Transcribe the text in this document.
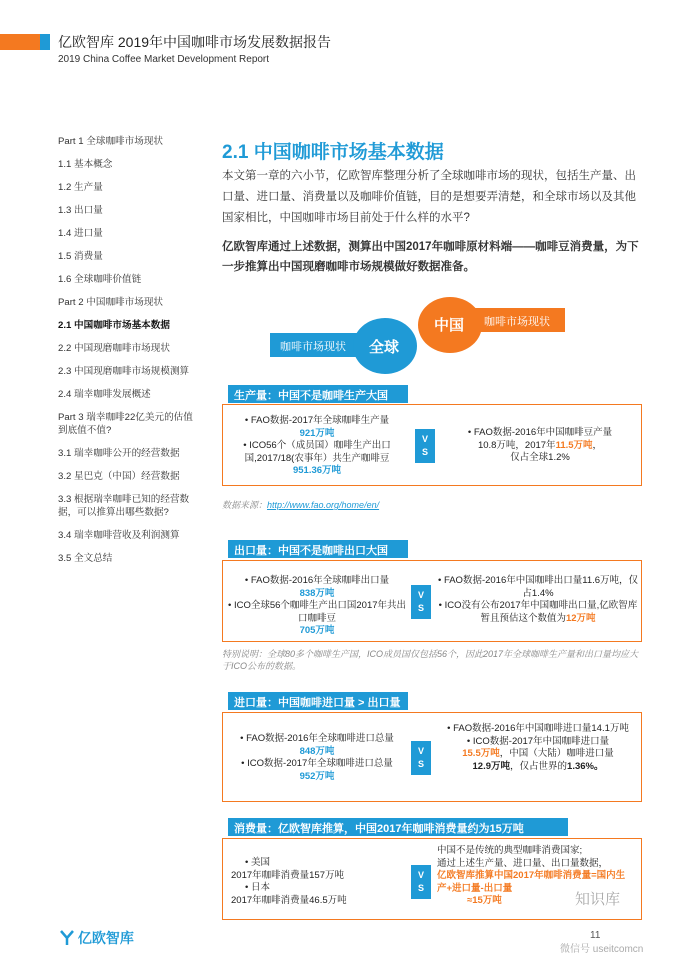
亿欧智库 2019年中国咖啡市场发展数据报告
2019 China Coffee Market Development Report
Part 1 全球咖啡市场现状
1.1 基本概念
1.2 生产量
1.3 出口量
1.4 进口量
1.5 消费量
1.6 全球咖啡价值链
Part 2 中国咖啡市场现状
2.1 中国咖啡市场基本数据
2.2 中国现磨咖啡市场现状
2.3 中国现磨咖啡市场规模测算
2.4 瑞幸咖啡发展概述
Part 3 瑞幸咖啡22亿美元的估值到底值不值?
3.1 瑞幸咖啡公开的经营数据
3.2 星巴克（中国）经营数据
3.3 根据瑞幸咖啡已知的经营数据，可以推算出哪些数据?
3.4 瑞幸咖啡营收及利润测算
3.5 全文总结
2.1 中国咖啡市场基本数据
本文第一章的六小节，亿欧智库整理分析了全球咖啡市场的现状，包括生产量、出口量、进口量、消费量以及咖啡价值链，目的是想要弄清楚，和全球市场以及其他国家相比，中国咖啡市场目前处于什么样的水平?
亿欧智库通过上述数据，测算出中国2017年咖啡原材料端——咖啡豆消费量，为下一步推算出中国现磨咖啡市场规模做好数据准备。
咖啡市场现状
咖啡市场现状
中国
全球
生产量：中国不是咖啡生产大国
• FAO数据-2017年全球咖啡生产量
921万吨
• ICO56个（成员国）咖啡生产出口国,2017/18(农事年）共生产咖啡豆
951.36万吨
V
S
• FAO数据-2016年中国咖啡豆产量
10.8万吨，2017年11.5万吨，
仅占全球1.2%
数据来源：http://www.fao.org/home/en/
出口量：中国不是咖啡出口大国
• FAO数据-2016年全球咖啡出口量
838万吨
• ICO全球56个咖啡生产出口国2017年共出口咖啡豆
705万吨
V
S
• FAO数据-2016年中国咖啡出口量11.6万吨，仅占1.4%
• ICO没有公布2017年中国咖啡出口量,亿欧智库暂且预估这个数值为12万吨
特别说明：全球80多个咖啡生产国，ICO成员国仅包括56个，因此2017年全球咖啡生产量和出口量均应大于ICO公布的数据。
进口量：中国咖啡进口量 > 出口量
• FAO数据-2016年全球咖啡进口总量
848万吨
• ICO数据-2017年全球咖啡进口总量
952万吨
V
S
• FAO数据-2016年中国咖啡进口量14.1万吨
• ICO数据-2017年中国咖啡进口量
15.5万吨，中国（大陆）咖啡进口量
12.9万吨，仅占世界的1.36%。
消费量：亿欧智库推算，中国2017年咖啡消费量约为15万吨
• 美国
2017年咖啡消费量157万吨
• 日本
2017年咖啡消费量46.5万吨
V
S
中国不是传统的典型咖啡消费国家;
通过上述生产量、进口量、出口量数据，
亿欧智库推算中国2017年咖啡消费量=国内生产+进口量-出口量
≈15万吨
亿欧智库	11
知识库
微信号 useitcomcn
